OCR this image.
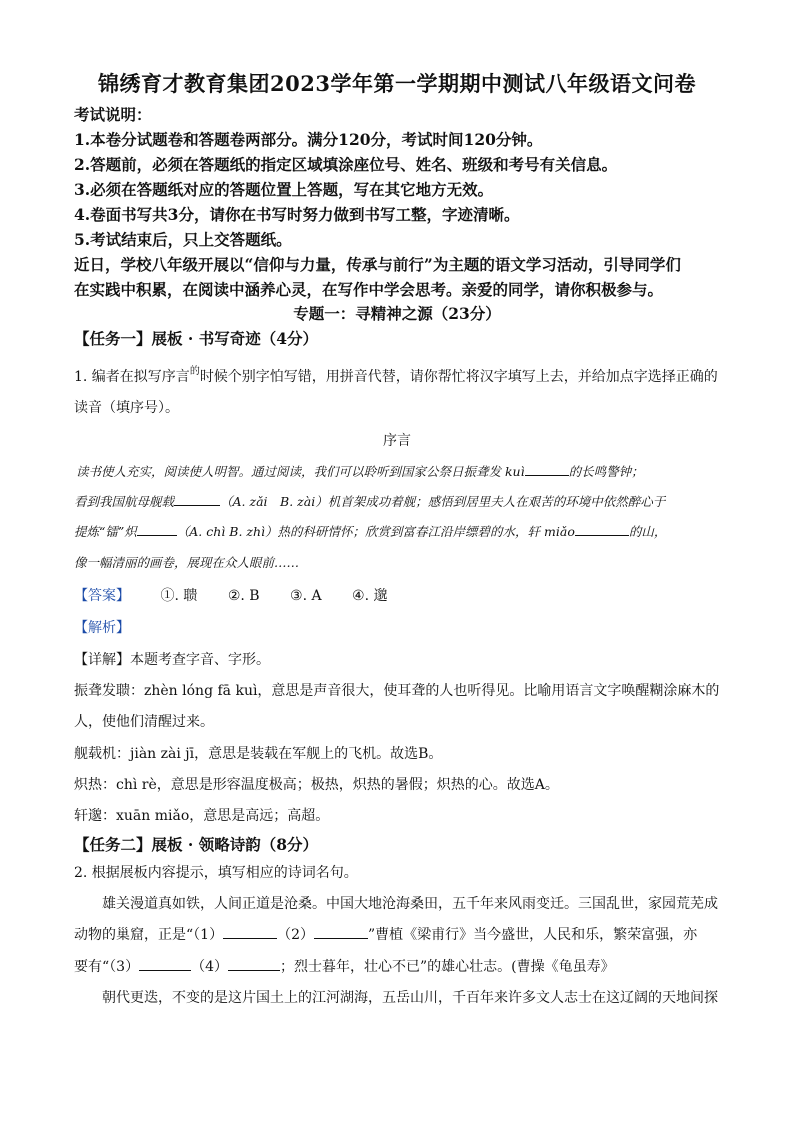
锦绣育才教育集团2023学年第一学期期中测试八年级语文问卷
考试说明：
1.本卷分试题卷和答题卷两部分。满分120分，考试时间120分钟。
2.答题前，必须在答题纸的指定区域填涂座位号、姓名、班级和考号有关信息。
3.必须在答题纸对应的答题位置上答题，写在其它地方无效。
4.卷面书写共3分，请你在书写时努力做到书写工整，字迹清晰。
5.考试结束后，只上交答题纸。
近日，学校八年级开展以“信仰与力量，传承与前行”为主题的语文学习活动，引导同学们
在实践中积累，在阅读中涵养心灵，在写作中学会思考。亲爱的同学，请你积极参与。
专题一：寻精神之源（23分）
【任务一】展板 · 书写奇迹（4分）
1. 编者在拟写序言$^的$时候个别字怕写错，用拼音代替，请你帮忙将汉字填写上去，并给加点字选择正确的
读音（填序号）。
序言
读书使人充实，阅读使人明智。通过阅读，我们可以聆听到国家公祭日振聋发 kuì	的长鸣警钟；
看到我国航母舰载	（A. zǎi　B. zài）机首架成功着舰；感悟到居里夫人在艰苦的环境中依然醉心于
提炼“镭”炽	（A. chì B. zhì）热的科研情怀；欣赏到富春江沿岸缥碧的水，轩 miǎo	的山，
像一幅清丽的画卷，展现在众人眼前……
【答案】 ①. 聩 ②. B ③. A ④. 邈
【解析】
【详解】本题考查字音、字形。
振聋发聩：zhèn lóng fā kuì，意思是声音很大，使耳聋的人也听得见。比喻用语言文字唤醒糊涂麻木的
人，使他们清醒过来。
舰载机：jiàn zài jī，意思是装载在军舰上的飞机。故选B。
炽热：chì rè，意思是形容温度极高；极热，炽热的暑假；炽热的心。故选A。
轩邈：xuān miǎo，意思是高远；高超。
【任务二】展板 · 领略诗韵（8分）
2. 根据展板内容提示，填写相应的诗词名句。
雄关漫道真如铁，人间正道是沧桑。中国大地沧海桑田，五千年来风雨变迁。三国乱世，家园荒芜成
动物的巢窟，正是“（1）	（2）	”曹植《梁甫行》当今盛世，人民和乐，繁荣富强，亦
要有“（3）	（4）	；烈士暮年，壮心不已”的雄心壮志。(曹操《龟虽寿》
朝代更迭，不变的是这片国土上的江河湖海，五岳山川，千百年来许多文人志士在这辽阔的天地间探
